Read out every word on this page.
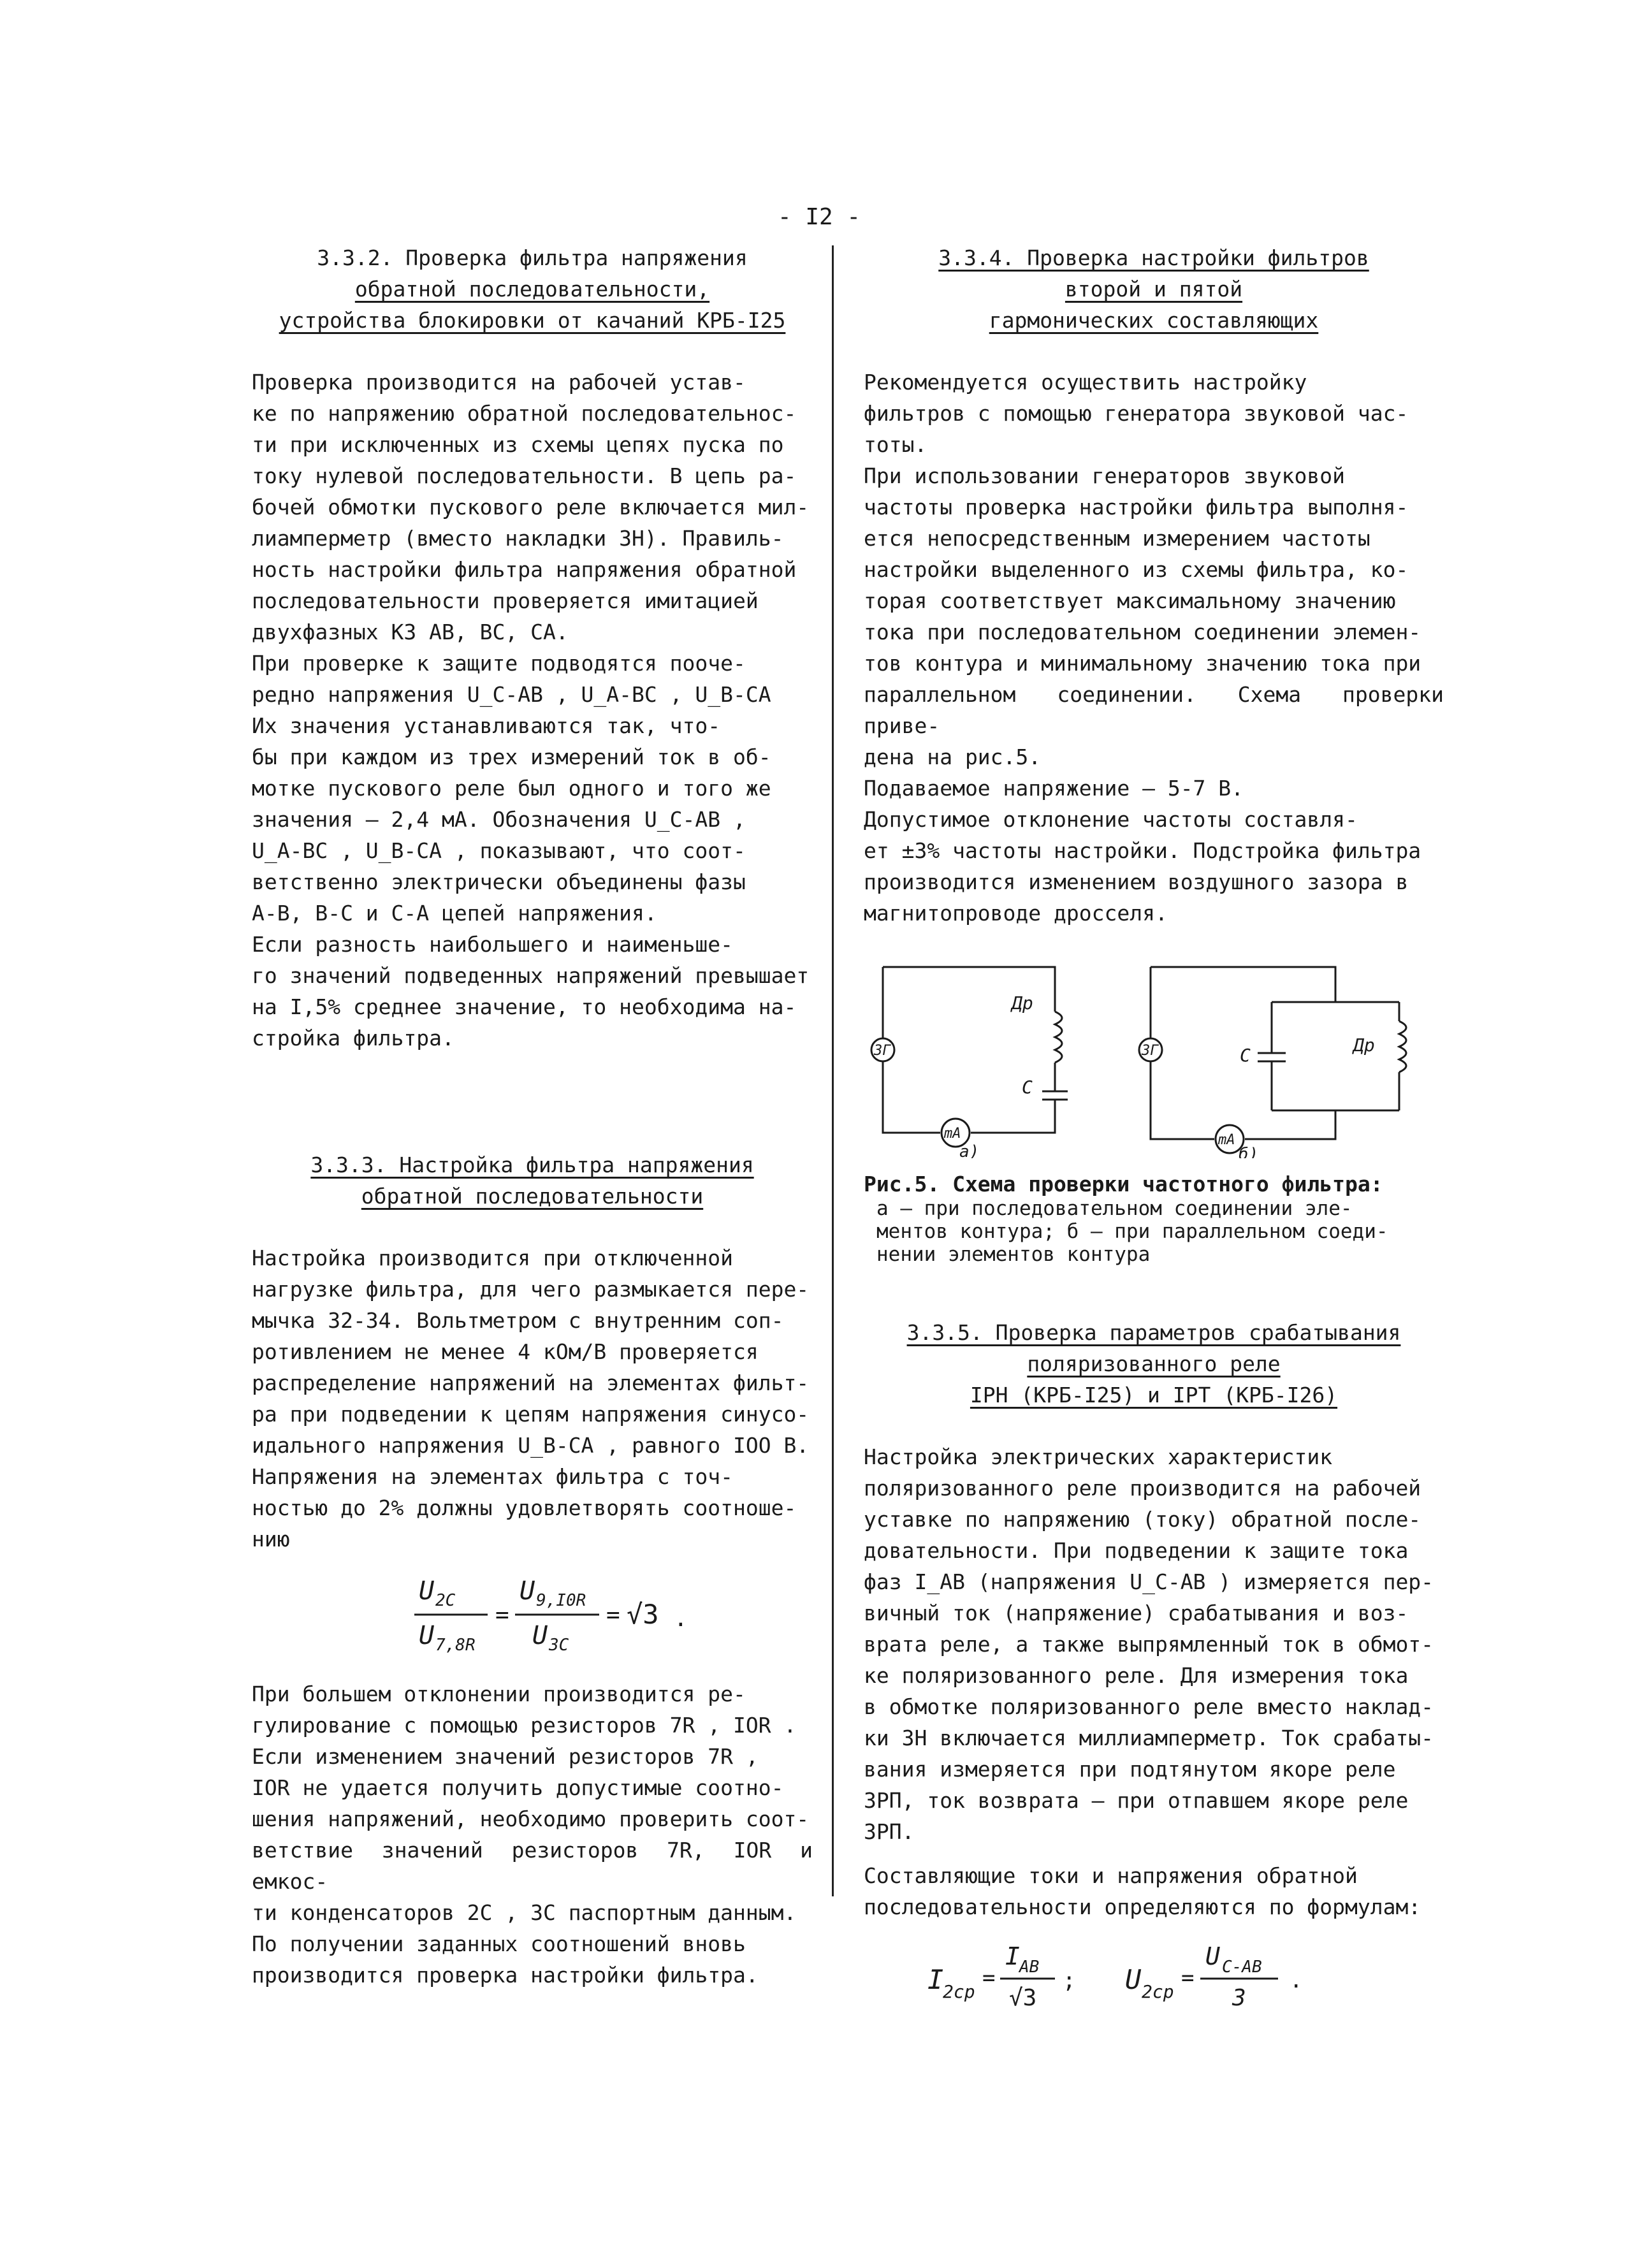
- I2 -
3.3.2. Проверка фильтра напряжения
обратной последовательности,
устройства блокировки от качаний КРБ-I25

Проверка производится на рабочей устав-
ке по напряжению обратной последовательнос-
ти при исключенных из схемы цепях пуска по
току нулевой последовательности. В цепь ра-
бочей обмотки пускового реле включается мил-
лиамперметр (вместо накладки 3Н). Правиль-
ность настройки фильтра напряжения обратной
последовательности проверяется имитацией
двухфазных КЗ АВ, ВС, СА.

При проверке к защите подводятся поoче-
редно напряжения U_C-AB , U_A-BC , U_B-CA

Их значения устанавливаются так, что-
бы при каждом из трех измерений ток в об-
мотке пускового реле был одного и того же
значения – 2,4 мА. Обозначения U_C-AB ,
U_A-BC , U_B-CA , показывают, что соот-
ветственно электрически объединены фазы
А-В, В-С и С-А цепей напряжения.

Если разность наибольшего и наименьше-
го значений подведенных напряжений превышает
на I,5% среднее значение, то необходима на-
стройка фильтра.

3.3.3. Настройка фильтра напряжения
обратной последовательности

Настройка производится при отключенной
нагрузке фильтра, для чего размыкается пере-
мычка 32-34. Вольтметром с внутренним соп-
ротивлением не менее 4 кОм/В проверяется
распределение напряжений на элементах фильт-
ра при подведении к цепям напряжения синусо-
идального напряжения U_B-CA , равного IOO В.

Напряжения на элементах фильтра с точ-
ностью до 2% должны удовлетворять соотноше-
нию

U 2C
U 7,8R
=
U 9,I0R
U 3C
= √3 .

При большем отклонении производится ре-
гулирование с помощью резисторов 7R , IOR .

Если изменением значений резисторов 7R ,
IOR не удается получить допустимые соотно-
шения напряжений, необходимо проверить соот-
ветствие значений резисторов 7R, IOR и емкос-
ти конденсаторов 2C , 3C паспортным данным.

По получении заданных соотношений вновь
производится проверка настройки фильтра.

3.3.4. Проверка настройки фильтров
второй и пятой
гармонических составляющих

Рекомендуется осуществить настройку
фильтров с помощью генератора звуковой час-
тоты.

При использовании генераторов звуковой
частоты проверка настройки фильтра выполня-
ется непосредственным измерением частоты
настройки выделенного из схемы фильтра, ко-
торая соответствует максимальному значению
тока при последовательном соединении элемен-
тов контура и минимальному значению тока при
параллельном соединении. Схема проверки приве-
дена на рис.5.

Подаваемое напряжение – 5-7 В.

Допустимое отклонение частоты составля-
ет ±3% частоты настройки. Подстройка фильтра
производится изменением воздушного зазора в
магнитопроводе дросселя.

ЗГ
mA
Др
C
а)
ЗГ
mA
C	Др
б)
Рис.5. Схема проверки частотного фильтра:
а – при последовательном соединении эле-
ментов контура; б – при параллельном соеди-
нении элементов контура
3.3.5. Проверка параметров срабатывания
поляризованного реле
IРН (КРБ-I25) и IРТ (КРБ-I26)

Настройка электрических характеристик
поляризованного реле производится на рабочей
уставке по напряжению (току) обратной после-
довательности. При подведении к защите тока
фаз I_AB (напряжения U_C-AB ) измеряется пер-
вичный ток (напряжение) срабатывания и воз-
врата реле, а также выпрямленный ток в обмот-
ке поляризованного реле. Для измерения тока
в обмотке поляризованного реле вместо наклад-
ки 3Н включается миллиамперметр. Ток срабаты-
вания измеряется при подтянутом якоре реле
3РП, ток возврата – при отпавшем якоре реле
3РП.

Составляющие токи и напряжения обратной
последовательности определяются по формулам:

I
2cp
=
I AB
√3
; U 2cp
=
U C-AB
3
.
